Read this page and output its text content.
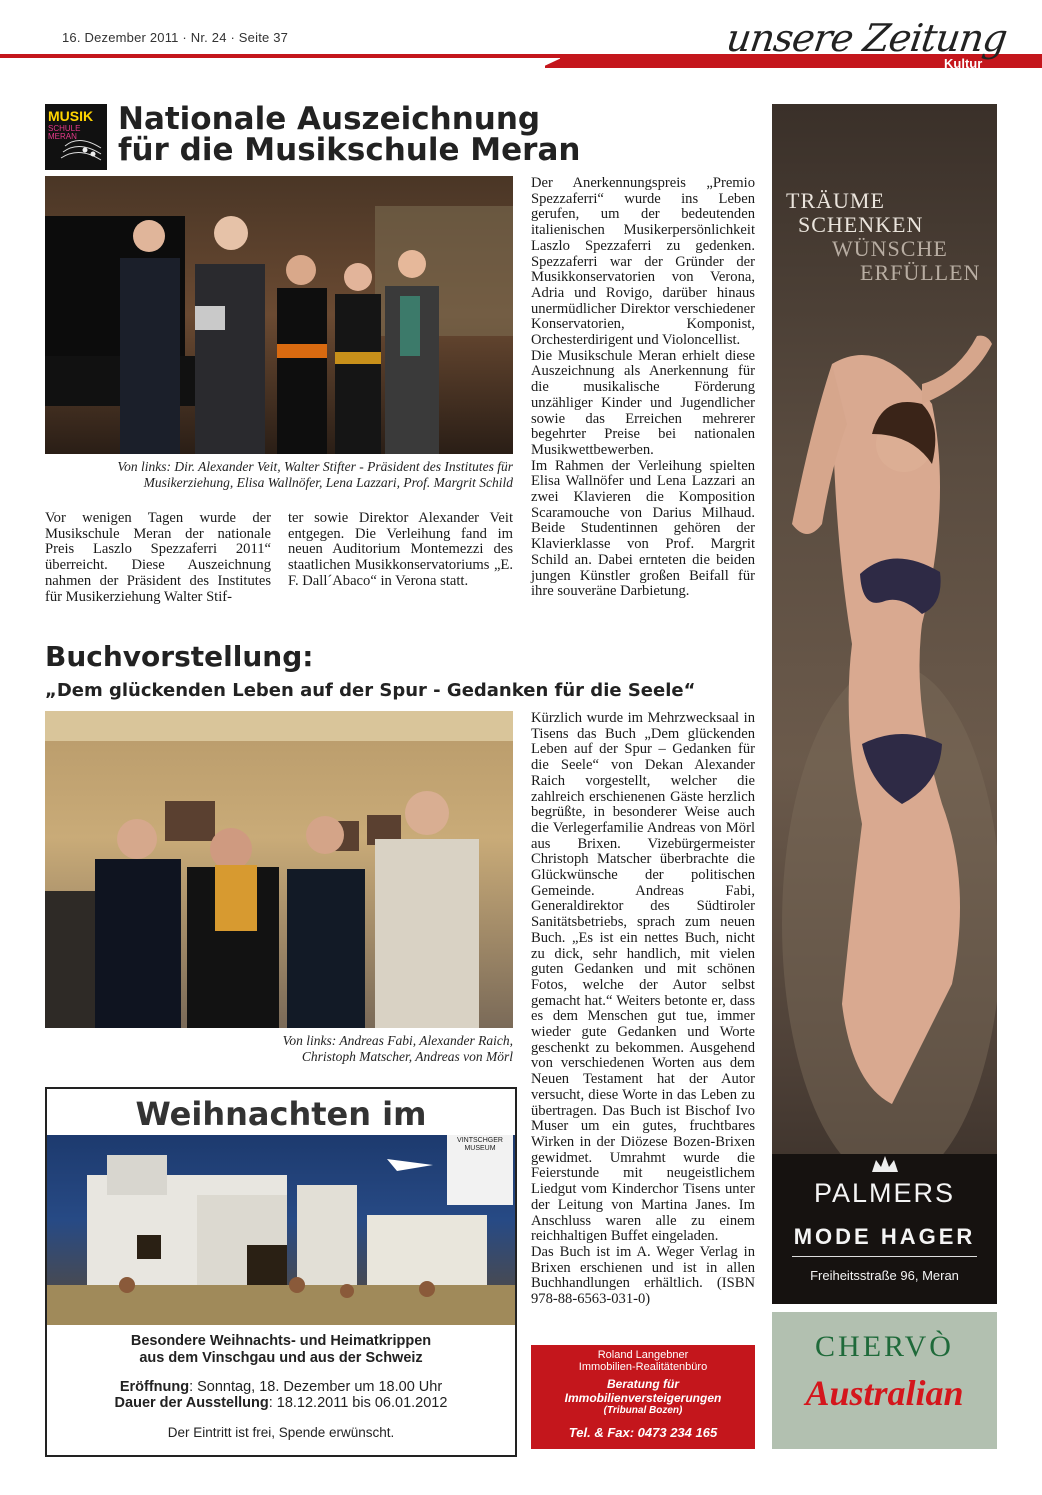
16. Dezember 2011 · Nr. 24 · Seite 37	unsere Zeitung
Kultur
MUSIK
SCHULE MERAN	Nationale Auszeichnung
für die Musikschule Meran
Von links: Dir. Alexander Veit, Walter Stifter - Präsident des Institutes für
Musikerziehung, Elisa Wallnöfer, Lena Lazzari, Prof. Margrit Schild
Vor wenigen Tagen wurde der Musikschule Meran der nationale Preis Laszlo Spezzaferri 2011“ überreicht. Diese Auszeichnung nahmen der Präsident des Institutes für Musikerziehung Walter Stif-
ter sowie Direktor Alexander Veit entgegen. Die Verleihung fand im neuen Auditorium Montemezzi des staatlichen Musikkonservatoriums „E. F. Dall´Abaco“ in Verona statt.
Der Anerkennungspreis „Premio Spezzaferri“ wurde ins Leben gerufen, um der bedeutenden italienischen Musikerpersönlichkeit Laszlo Spezzaferri zu gedenken. Spezzaferri war der Gründer der Musikkonservatorien von Verona, Adria und Rovigo, darüber hinaus unermüdlicher Direktor verschiedener Konservatorien, Komponist, Orchesterdirigent und Violoncellist.
Die Musikschule Meran erhielt diese Auszeichnung als Anerkennung für die musikalische Förderung unzähliger Kinder und Jugendlicher sowie das Erreichen mehrerer begehrter Preise bei nationalen Musikwettbewerben.
Im Rahmen der Verleihung spielten Elisa Wallnöfer und Lena Lazzari an zwei Klavieren die Komposition Scaramouche von Darius Milhaud. Beide Studentinnen gehören der Klavierklasse von Prof. Margrit Schild an. Dabei ernteten die beiden jungen Künstler großen Beifall für ihre souveräne Darbietung.
Buchvorstellung:
„Dem glückenden Leben auf der Spur - Gedanken für die Seele“
Von links: Andreas Fabi, Alexander Raich,
Christoph Matscher, Andreas von Mörl
Kürzlich wurde im Mehrzwecksaal in Tisens das Buch „Dem glückenden Leben auf der Spur – Gedanken für die Seele“ von Dekan Alexander Raich vorgestellt, welcher die zahlreich erschienenen Gäste herzlich begrüßte, in besonderer Weise auch die Verlegerfamilie Andreas von Mörl aus Brixen. Vizebürgermeister Christoph Matscher überbrachte die Glückwünsche der politischen Gemeinde. Andreas Fabi, Generaldirektor des Südtiroler Sanitätsbetriebs, sprach zum neuen Buch. „Es ist ein nettes Buch, nicht zu dick, sehr handlich, mit vielen guten Gedanken und mit schönen Fotos, welche der Autor selbst gemacht hat.“ Weiters betonte er, dass es dem Menschen gut tue, immer wieder gute Gedanken und Worte geschenkt zu bekommen. Ausgehend von verschiedenen Worten aus dem Neuen Testament hat der Autor versucht, diese Worte in das Leben zu übertragen. Das Buch ist Bischof Ivo Muser um ein gutes, fruchtbares Wirken in der Diözese Bozen-Brixen gewidmet. Umrahmt wurde die Feierstunde mit neugeistlichem Liedgut vom Kinderchor Tisens unter der Leitung von Martina Janes. Im Anschluss waren alle zu einem reichhaltigen Buffet eingeladen.
Das Buch ist im A. Weger Verlag in Brixen erschienen und ist in allen Buchhandlungen erhältlich. (ISBN 978-88-6563-031-0)
Weihnachten im
VINTSCHGER MUSEUM
Besondere Weihnachts- und Heimatkrippen
aus dem Vinschgau und aus der Schweiz
Eröffnung: Sonntag, 18. Dezember um 18.00 Uhr
Dauer der Ausstellung: 18.12.2011 bis 06.01.2012
Der Eintritt ist frei, Spende erwünscht.
Roland Langebner
Immobilien-Realitätenbüro
Beratung für
Immobilienversteigerungen
(Tribunal Bozen)
Tel. & Fax: 0473 234 165
TRÄUME
SCHENKEN
WÜNSCHE
ERFÜLLEN
PALMERS
MODE HAGER
Freiheitsstraße 96, Meran
CHERVÒ
Australian
